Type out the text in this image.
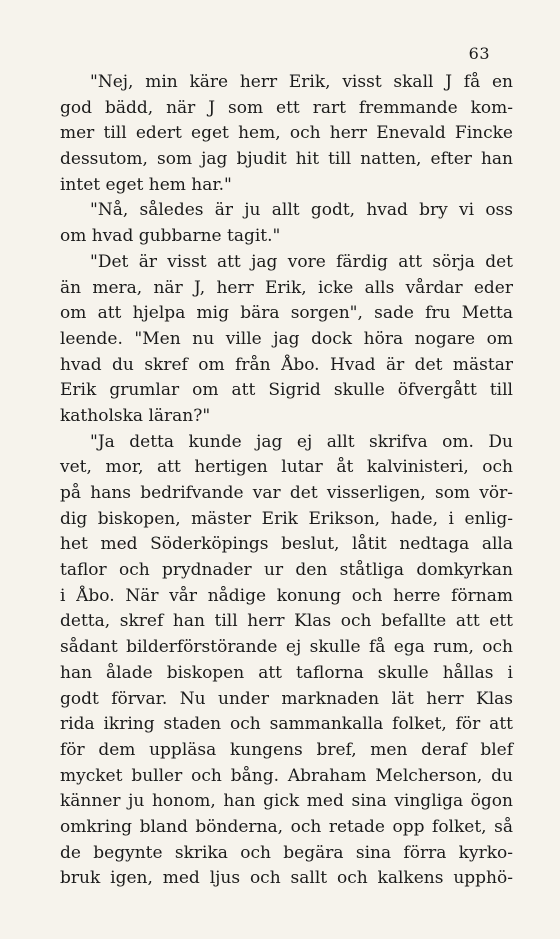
63
"Nej, min käre herr Erik, visst skall J få en
god bädd, när J som ett rart fremmande kom-
mer till edert eget hem, och herr Enevald Fincke
dessutom, som jag bjudit hit till natten, efter han
intet eget hem har."
"Nå, således är ju allt godt, hvad bry vi oss
om hvad gubbarne tagit."
"Det är visst att jag vore färdig att sörja det
än mera, när J, herr Erik, icke alls vårdar eder
om att hjelpa mig bära sorgen", sade fru Metta
leende. "Men nu ville jag dock höra nogare om
hvad du skref om från Åbo. Hvad är det mästar
Erik grumlar om att Sigrid skulle öfvergått till
katholska läran?"
"Ja detta kunde jag ej allt skrifva om. Du
vet, mor, att hertigen lutar åt kalvinisteri, och
på hans bedrifvande var det visserligen, som vör-
dig biskopen, mäster Erik Erikson, hade, i enlig-
het med Söderköpings beslut, låtit nedtaga alla
taflor och prydnader ur den ståtliga domkyrkan
i Åbo. När vår nådige konung och herre förnam
detta, skref han till herr Klas och befallte att ett
sådant bilderförstörande ej skulle få ega rum, och
han ålade biskopen att taflorna skulle hållas i
godt förvar. Nu under marknaden lät herr Klas
rida ikring staden och sammankalla folket, för att
för dem uppläsa kungens bref, men deraf blef
mycket buller och bång. Abraham Melcherson, du
känner ju honom, han gick med sina vingliga ögon
omkring bland bönderna, och retade opp folket, så
de begynte skrika och begära sina förra kyrko-
bruk igen, med ljus och sallt och kalkens upphö-
